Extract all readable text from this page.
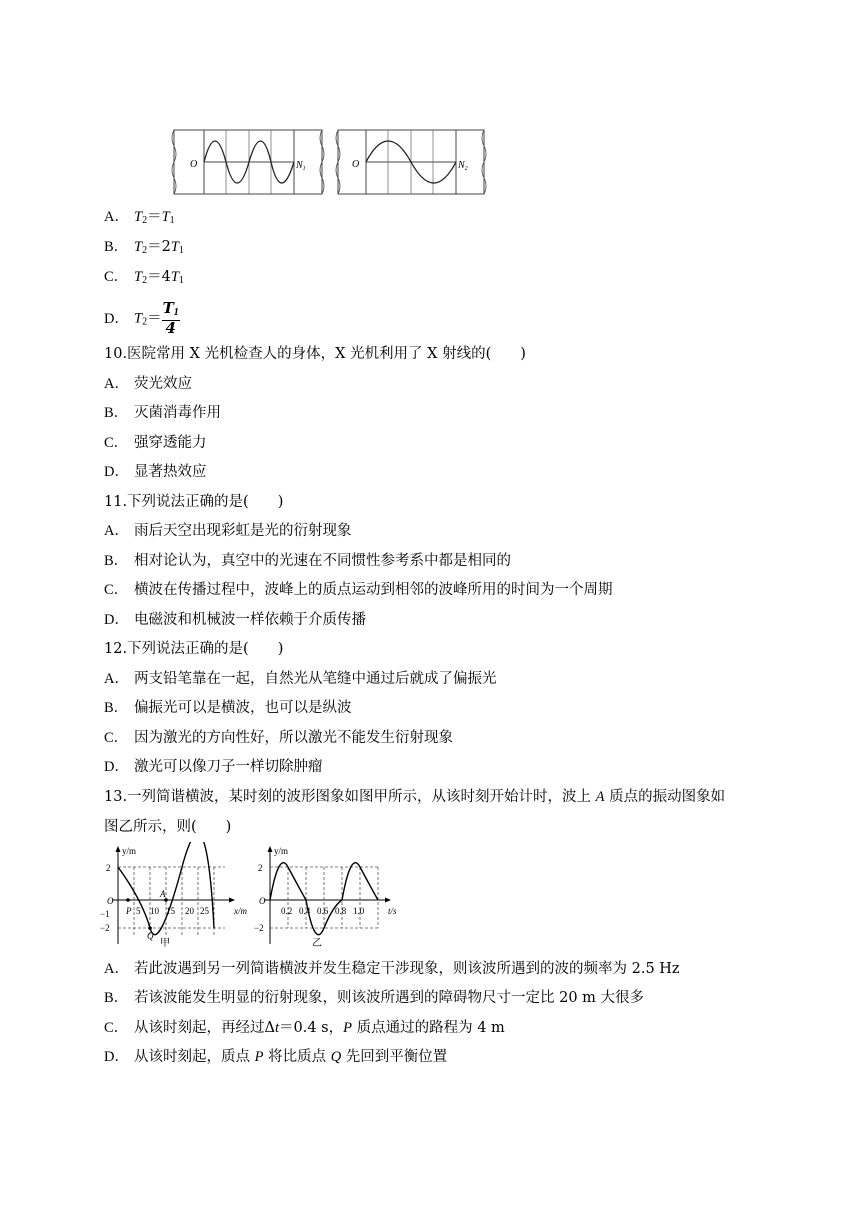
O	$N_1$	O	$N_2$
A． $T_2=T_1$
B． $T_2=2T_1$
C． $T_2=4T_1$
D． $T_2= \frac{T_1}{4}$
10.医院常用 X 光机检查人的身体，X 光机利用了 X 射线的(　　)
A． 荧光效应
B． 灭菌消毒作用
C． 强穿透能力
D． 显著热效应
11.下列说法正确的是(　　)
A． 雨后天空出现彩虹是光的衍射现象
B． 相对论认为，真空中的光速在不同惯性参考系中都是相同的
C． 横波在传播过程中，波峰上的质点运动到相邻的波峰所用的时间为一个周期
D． 电磁波和机械波一样依赖于介质传播
12.下列说法正确的是(　　)
A． 两支铅笔靠在一起，自然光从笔缝中通过后就成了偏振光
B． 偏振光可以是横波，也可以是纵波
C． 因为激光的方向性好，所以激光不能发生衍射现象
D． 激光可以像刀子一样切除肿瘤
13.一列简谐横波，某时刻的波形图象如图甲所示，从该时刻开始计时，波上 A 质点的振动图象如
图乙所示，则(　　)
y/m
x/m
2
−1
−2
O
5 10 15 20 25
P
A
Q
甲
y/m
t/s
2
−2
O
0.2 0.4 0.6 0.8 1.0
乙
A． 若此波遇到另一列简谐横波并发生稳定干涉现象，则该波所遇到的波的频率为 2.5 Hz
B． 若该波能发生明显的衍射现象，则该波所遇到的障碍物尺寸一定比 20 m 大很多
C． 从该时刻起，再经过Δt＝0.4 s，P 质点通过的路程为 4 m
D． 从该时刻起，质点 P 将比质点 Q 先回到平衡位置
